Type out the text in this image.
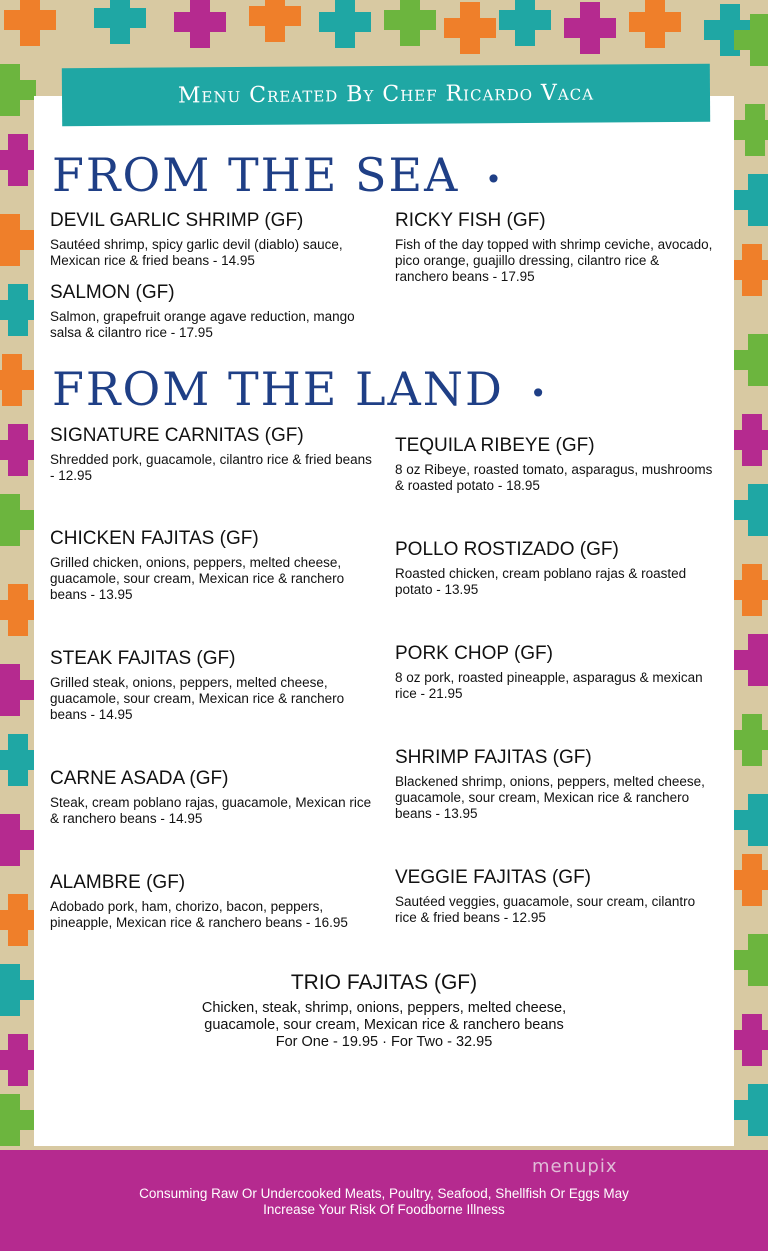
Menu Created By Chef Ricardo Vaca
FROM THE SEA •
DEVIL GARLIC SHRIMP (GF)
Sautéed shrimp, spicy garlic devil (diablo) sauce, Mexican rice & fried beans - 14.95
SALMON (GF)
Salmon, grapefruit orange agave reduction, mango salsa & cilantro rice - 17.95
RICKY FISH (GF)
Fish of the day topped with shrimp ceviche, avocado, pico orange, guajillo dressing, cilantro rice & ranchero beans - 17.95
FROM THE LAND •
SIGNATURE CARNITAS (GF)
Shredded pork, guacamole, cilantro rice & fried beans - 12.95
CHICKEN FAJITAS (GF)
Grilled chicken, onions, peppers, melted cheese, guacamole, sour cream, Mexican rice & ranchero beans - 13.95
STEAK FAJITAS (GF)
Grilled steak, onions, peppers, melted cheese, guacamole, sour cream, Mexican rice & ranchero beans - 14.95
CARNE ASADA (GF)
Steak, cream poblano rajas, guacamole, Mexican rice & ranchero beans - 14.95
ALAMBRE (GF)
Adobado pork, ham, chorizo, bacon, peppers, pineapple, Mexican rice & ranchero beans - 16.95
TEQUILA RIBEYE (GF)
8 oz Ribeye, roasted tomato, asparagus, mushrooms & roasted potato - 18.95
POLLO ROSTIZADO (GF)
Roasted chicken, cream poblano rajas & roasted potato - 13.95
PORK CHOP (GF)
8 oz pork, roasted pineapple, asparagus & mexican rice - 21.95
SHRIMP FAJITAS (GF)
Blackened shrimp, onions, peppers, melted cheese, guacamole, sour cream, Mexican rice & ranchero beans - 13.95
VEGGIE FAJITAS (GF)
Sautéed veggies, guacamole, sour cream, cilantro rice & fried beans - 12.95
TRIO FAJITAS (GF)
Chicken, steak, shrimp, onions, peppers, melted cheese,
guacamole, sour cream, Mexican rice & ranchero beans
For One - 19.95 · For Two - 32.95
menupix
Consuming Raw Or Undercooked Meats, Poultry, Seafood, Shellfish Or Eggs May
Increase Your Risk Of Foodborne Illness
